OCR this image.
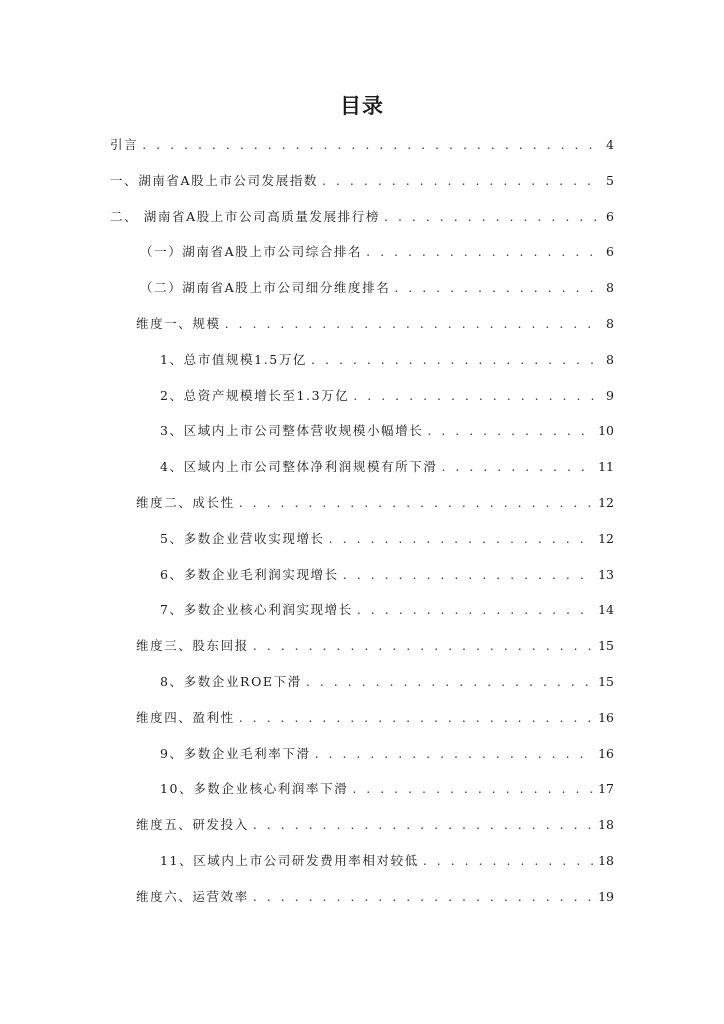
目录
引言 . . .	4
一、湖南省A股上市公司发展指数 . . .	5
二、 湖南省A股上市公司高质量发展排行榜 . . .	6
（一）湖南省A股上市公司综合排名 . . .	6
（二）湖南省A股上市公司细分维度排名 . . .	8
维度一、规模 . . .	8
1、总市值规模1.5万亿 . . .	8
2、总资产规模增长至1.3万亿 . . .	9
3、区域内上市公司整体营收规模小幅增长 . . .	10
4、区域内上市公司整体净利润规模有所下滑 . . .	11
维度二、成长性 . . .	12
5、多数企业营收实现增长 . . .	12
6、多数企业毛利润实现增长 . . .	13
7、多数企业核心利润实现增长 . . .	14
维度三、股东回报 . . .	15
8、多数企业ROE下滑 . . .	15
维度四、盈利性 . . .	16
9、多数企业毛利率下滑 . . .	16
10、多数企业核心利润率下滑 . . .	17
维度五、研发投入 . . .	18
11、区域内上市公司研发费用率相对较低 . . .	18
维度六、运营效率 . . .	19
